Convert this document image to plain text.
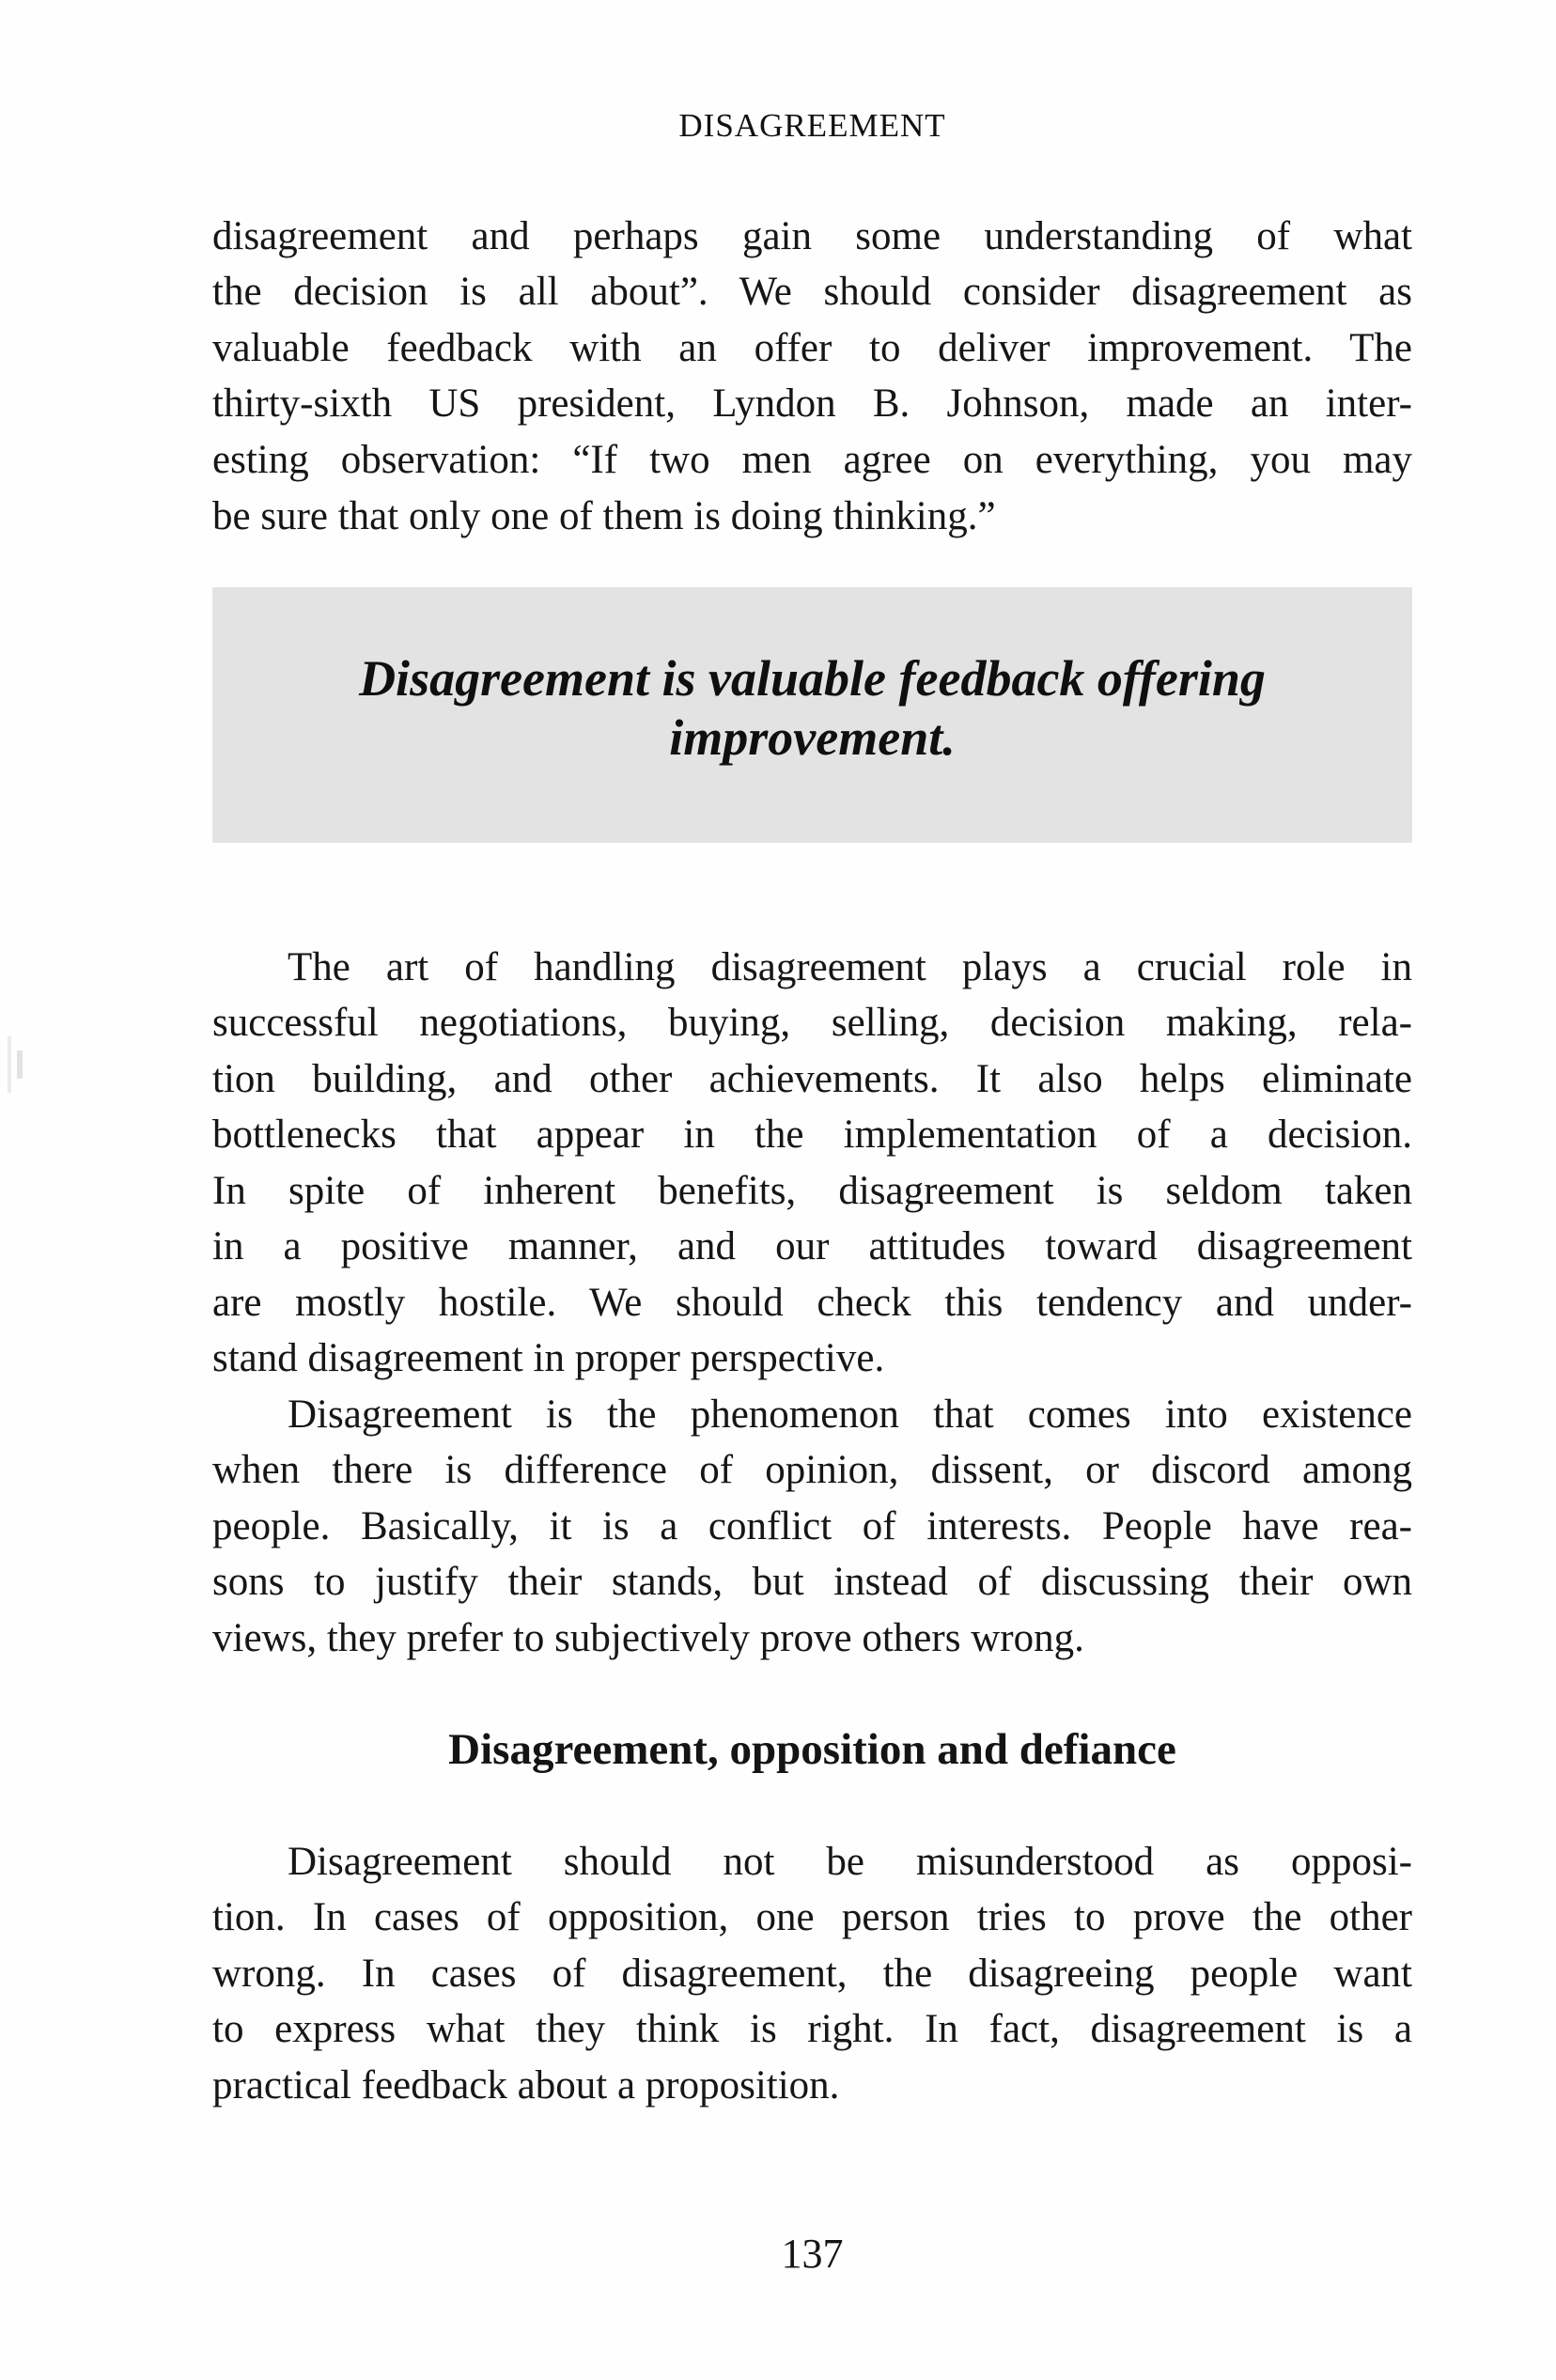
DISAGREEMENT
disagreement and perhaps gain some understanding of what
the decision is all about”. We should consider disagreement as
valuable feedback with an offer to deliver improvement. The
thirty-sixth US president, Lyndon B. Johnson, made an inter-
esting observation: “If two men agree on everything, you may
be sure that only one of them is doing thinking.”
Disagreement is valuable feedback offering
improvement.
The art of handling disagreement plays a crucial role in
successful negotiations, buying, selling, decision making, rela-
tion building, and other achievements. It also helps eliminate
bottlenecks that appear in the implementation of a decision.
In spite of inherent benefits, disagreement is seldom taken
in a positive manner, and our attitudes toward disagreement
are mostly hostile. We should check this tendency and under-
stand disagreement in proper perspective.
Disagreement is the phenomenon that comes into existence
when there is difference of opinion, dissent, or discord among
people. Basically, it is a conflict of interests. People have rea-
sons to justify their stands, but instead of discussing their own
views, they prefer to subjectively prove others wrong.
Disagreement, opposition and defiance
Disagreement should not be misunderstood as opposi-
tion. In cases of opposition, one person tries to prove the other
wrong. In cases of disagreement, the disagreeing people want
to express what they think is right. In fact, disagreement is a
practical feedback about a proposition.
137
